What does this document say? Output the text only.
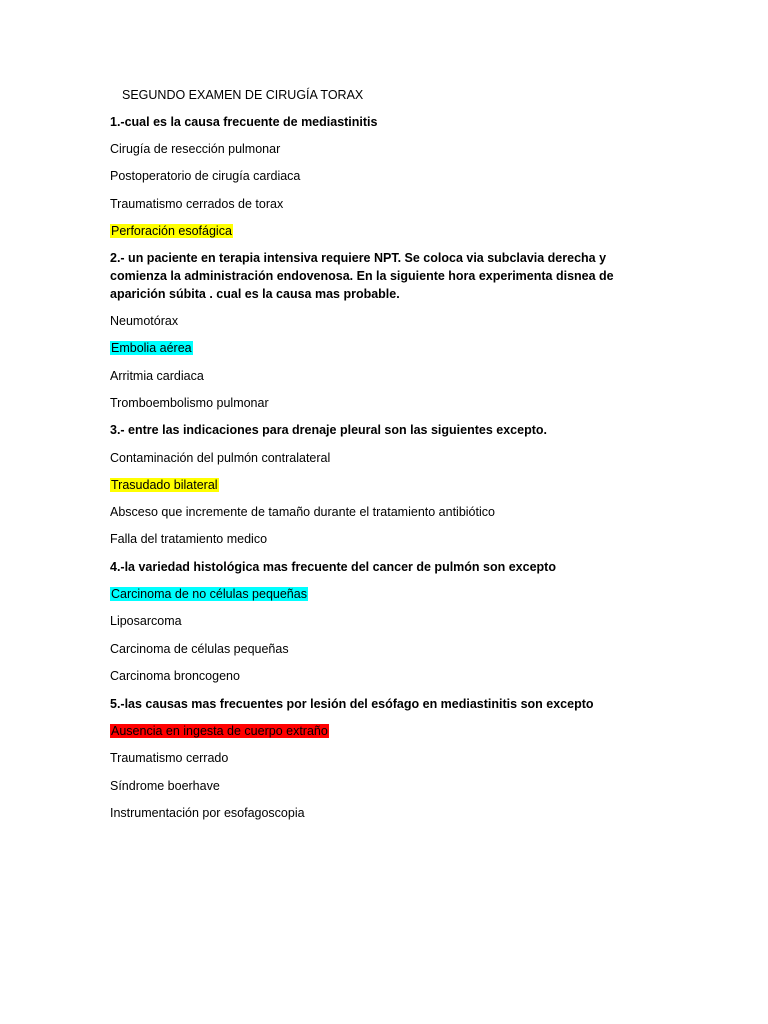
SEGUNDO EXAMEN DE CIRUGÍA TORAX
1.-cual es la causa frecuente de mediastinitis
Cirugía de resección pulmonar
Postoperatorio de cirugía cardiaca
Traumatismo cerrados de torax
Perforación esofágica
2.- un paciente en terapia intensiva requiere NPT. Se coloca via subclavia derecha y comienza la administración endovenosa. En la siguiente hora experimenta disnea de aparición súbita . cual es la causa mas probable.
Neumotórax
Embolia aérea
Arritmia cardiaca
Tromboembolismo pulmonar
3.- entre las indicaciones para drenaje pleural son las siguientes excepto.
Contaminación del pulmón contralateral
Trasudado bilateral
Absceso que incremente de tamaño durante el tratamiento antibiótico
Falla del tratamiento medico
4.-la variedad histológica mas frecuente del cancer de pulmón son excepto
Carcinoma de no células pequeñas
Liposarcoma
Carcinoma de células pequeñas
Carcinoma broncogeno
5.-las causas mas frecuentes por lesión del esófago en mediastinitis son excepto
Ausencia en ingesta de cuerpo extraño
Traumatismo cerrado
Síndrome boerhave
Instrumentación por esofagoscopia
